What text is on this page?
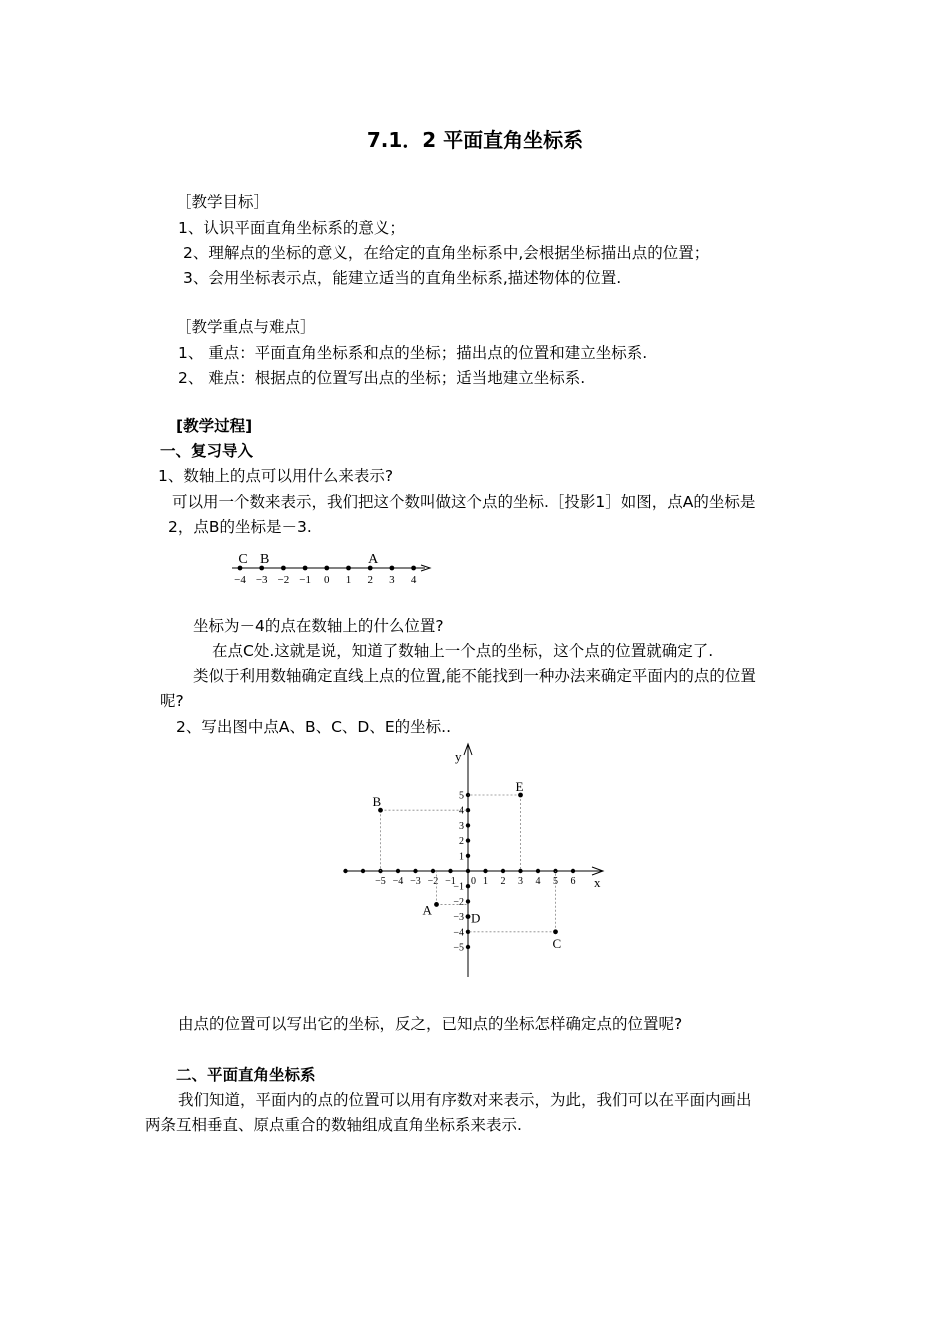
7.1．2 平面直角坐标系
［教学目标］
1、认识平面直角坐标系的意义；
2、理解点的坐标的意义，在给定的直角坐标系中,会根据坐标描出点的位置；
3、会用坐标表示点，能建立适当的直角坐标系,描述物体的位置.
［教学重点与难点］
1、 重点：平面直角坐标系和点的坐标；描出点的位置和建立坐标系.
2、 难点：根据点的位置写出点的坐标；适当地建立坐标系.
[教学过程]
一、复习导入
1、数轴上的点可以用什么来表示?
可以用一个数来表示，我们把这个数叫做这个点的坐标.［投影1］如图，点A的坐标是
2，点B的坐标是－3.
−4 −3 −2 −1 0 1 2 3 4
C B	A
坐标为－4的点在数轴上的什么位置?
在点C处.这就是说，知道了数轴上一个点的坐标，这个点的位置就确定了.
类似于利用数轴确定直线上点的位置,能不能找到一种办法来确定平面内的点的位置
呢?
2、写出图中点A、B、C、D、E的坐标..
x
y
0
−5 −4 −3 −2 −1	1 2 3 4 5 6
5
4
3
2
1
−1
−2
−3
−4
−5
A
B
C
D
E
由点的位置可以写出它的坐标，反之，已知点的坐标怎样确定点的位置呢?
二、平面直角坐标系
我们知道，平面内的点的位置可以用有序数对来表示，为此，我们可以在平面内画出
两条互相垂直、原点重合的数轴组成直角坐标系来表示.
